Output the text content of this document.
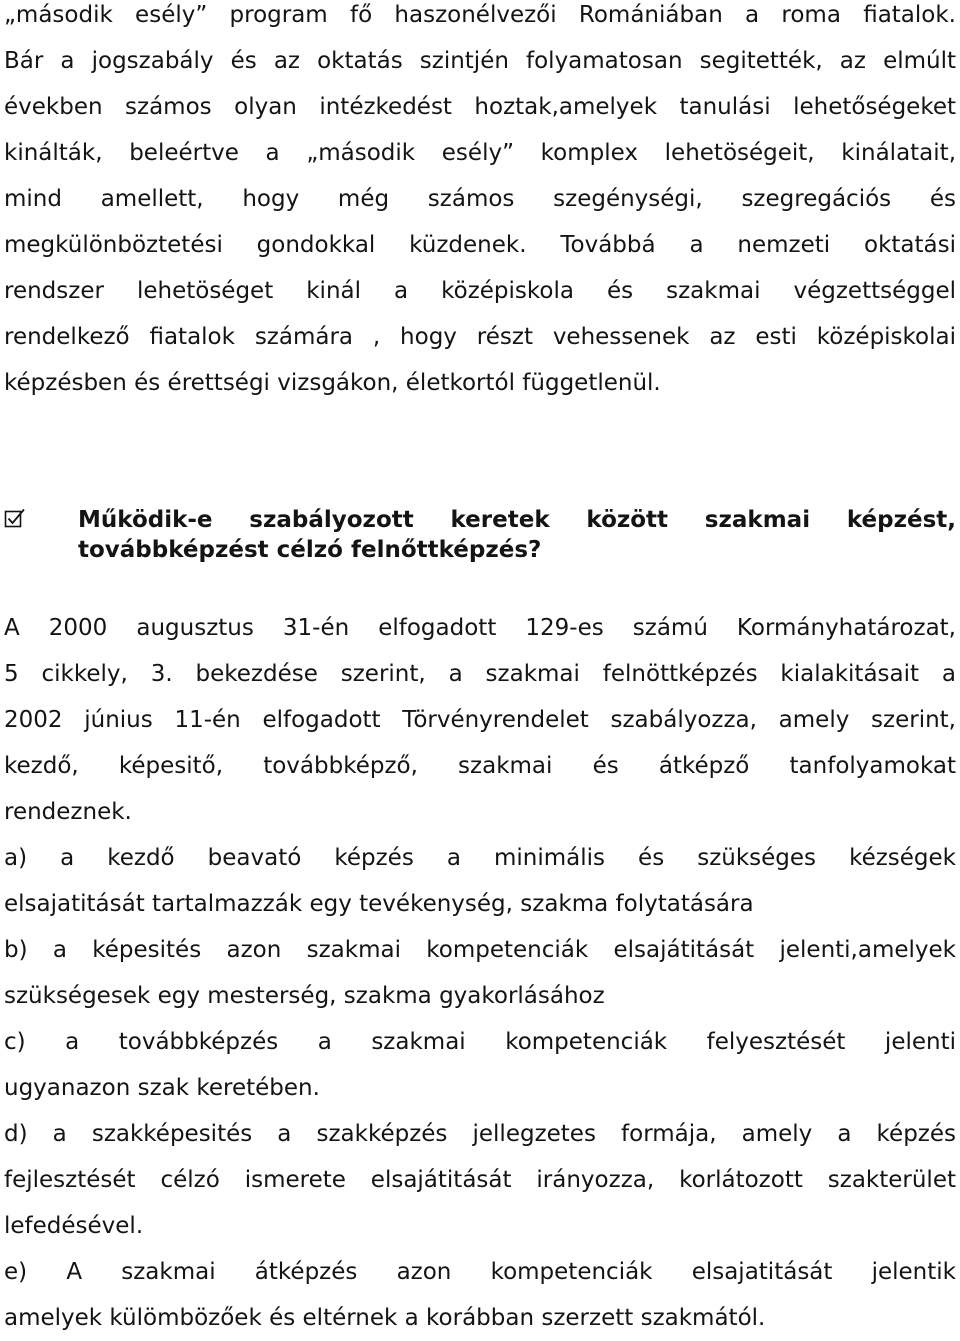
„második esély” program fő haszonélvezői Romániában a roma fiatalok.
Bár a jogszabály és az oktatás szintjén folyamatosan segitették, az elmúlt
években számos olyan intézkedést hoztak,amelyek tanulási lehetőségeket
kinálták, beleértve a „második esély” komplex lehetöségeit, kinálatait,
mind amellett, hogy még számos szegénységi, szegregációs és
megkülönböztetési gondokkal küzdenek. Továbbá a nemzeti oktatási
rendszer lehetöséget kinál a középiskola és szakmai végzettséggel
rendelkező fiatalok számára , hogy részt vehessenek az esti középiskolai
képzésben és érettségi vizsgákon, életkortól függetlenül.
Működik-e szabályozott keretek között szakmai képzést,
továbbképzést célzó felnőttképzés?
A 2000 augusztus 31-én elfogadott 129-es számú Kormányhatározat,
5 cikkely, 3. bekezdése szerint, a szakmai felnöttképzés kialakitásait a
2002 június 11-én elfogadott Törvényrendelet szabályozza, amely szerint,
kezdő, képesitő, továbbképző, szakmai és átképző tanfolyamokat
rendeznek.
a) a kezdő beavató képzés a minimális és szükséges kézségek
elsajatitását tartalmazzák egy tevékenység, szakma folytatására
b) a képesités azon szakmai kompetenciák elsajátitását jelenti,amelyek
szükségesek egy mesterség, szakma gyakorlásához
c) a továbbképzés a szakmai kompetenciák felyesztését jelenti
ugyanazon szak keretében.
d) a szakképesités a szakképzés jellegzetes formája, amely a képzés
fejlesztését célzó ismerete elsajátitását irányozza, korlátozott szakterület
lefedésével.
e) A szakmai átképzés azon kompetenciák elsajatitását jelentik
amelyek külömbözőek és eltérnek a korábban szerzett szakmától.
